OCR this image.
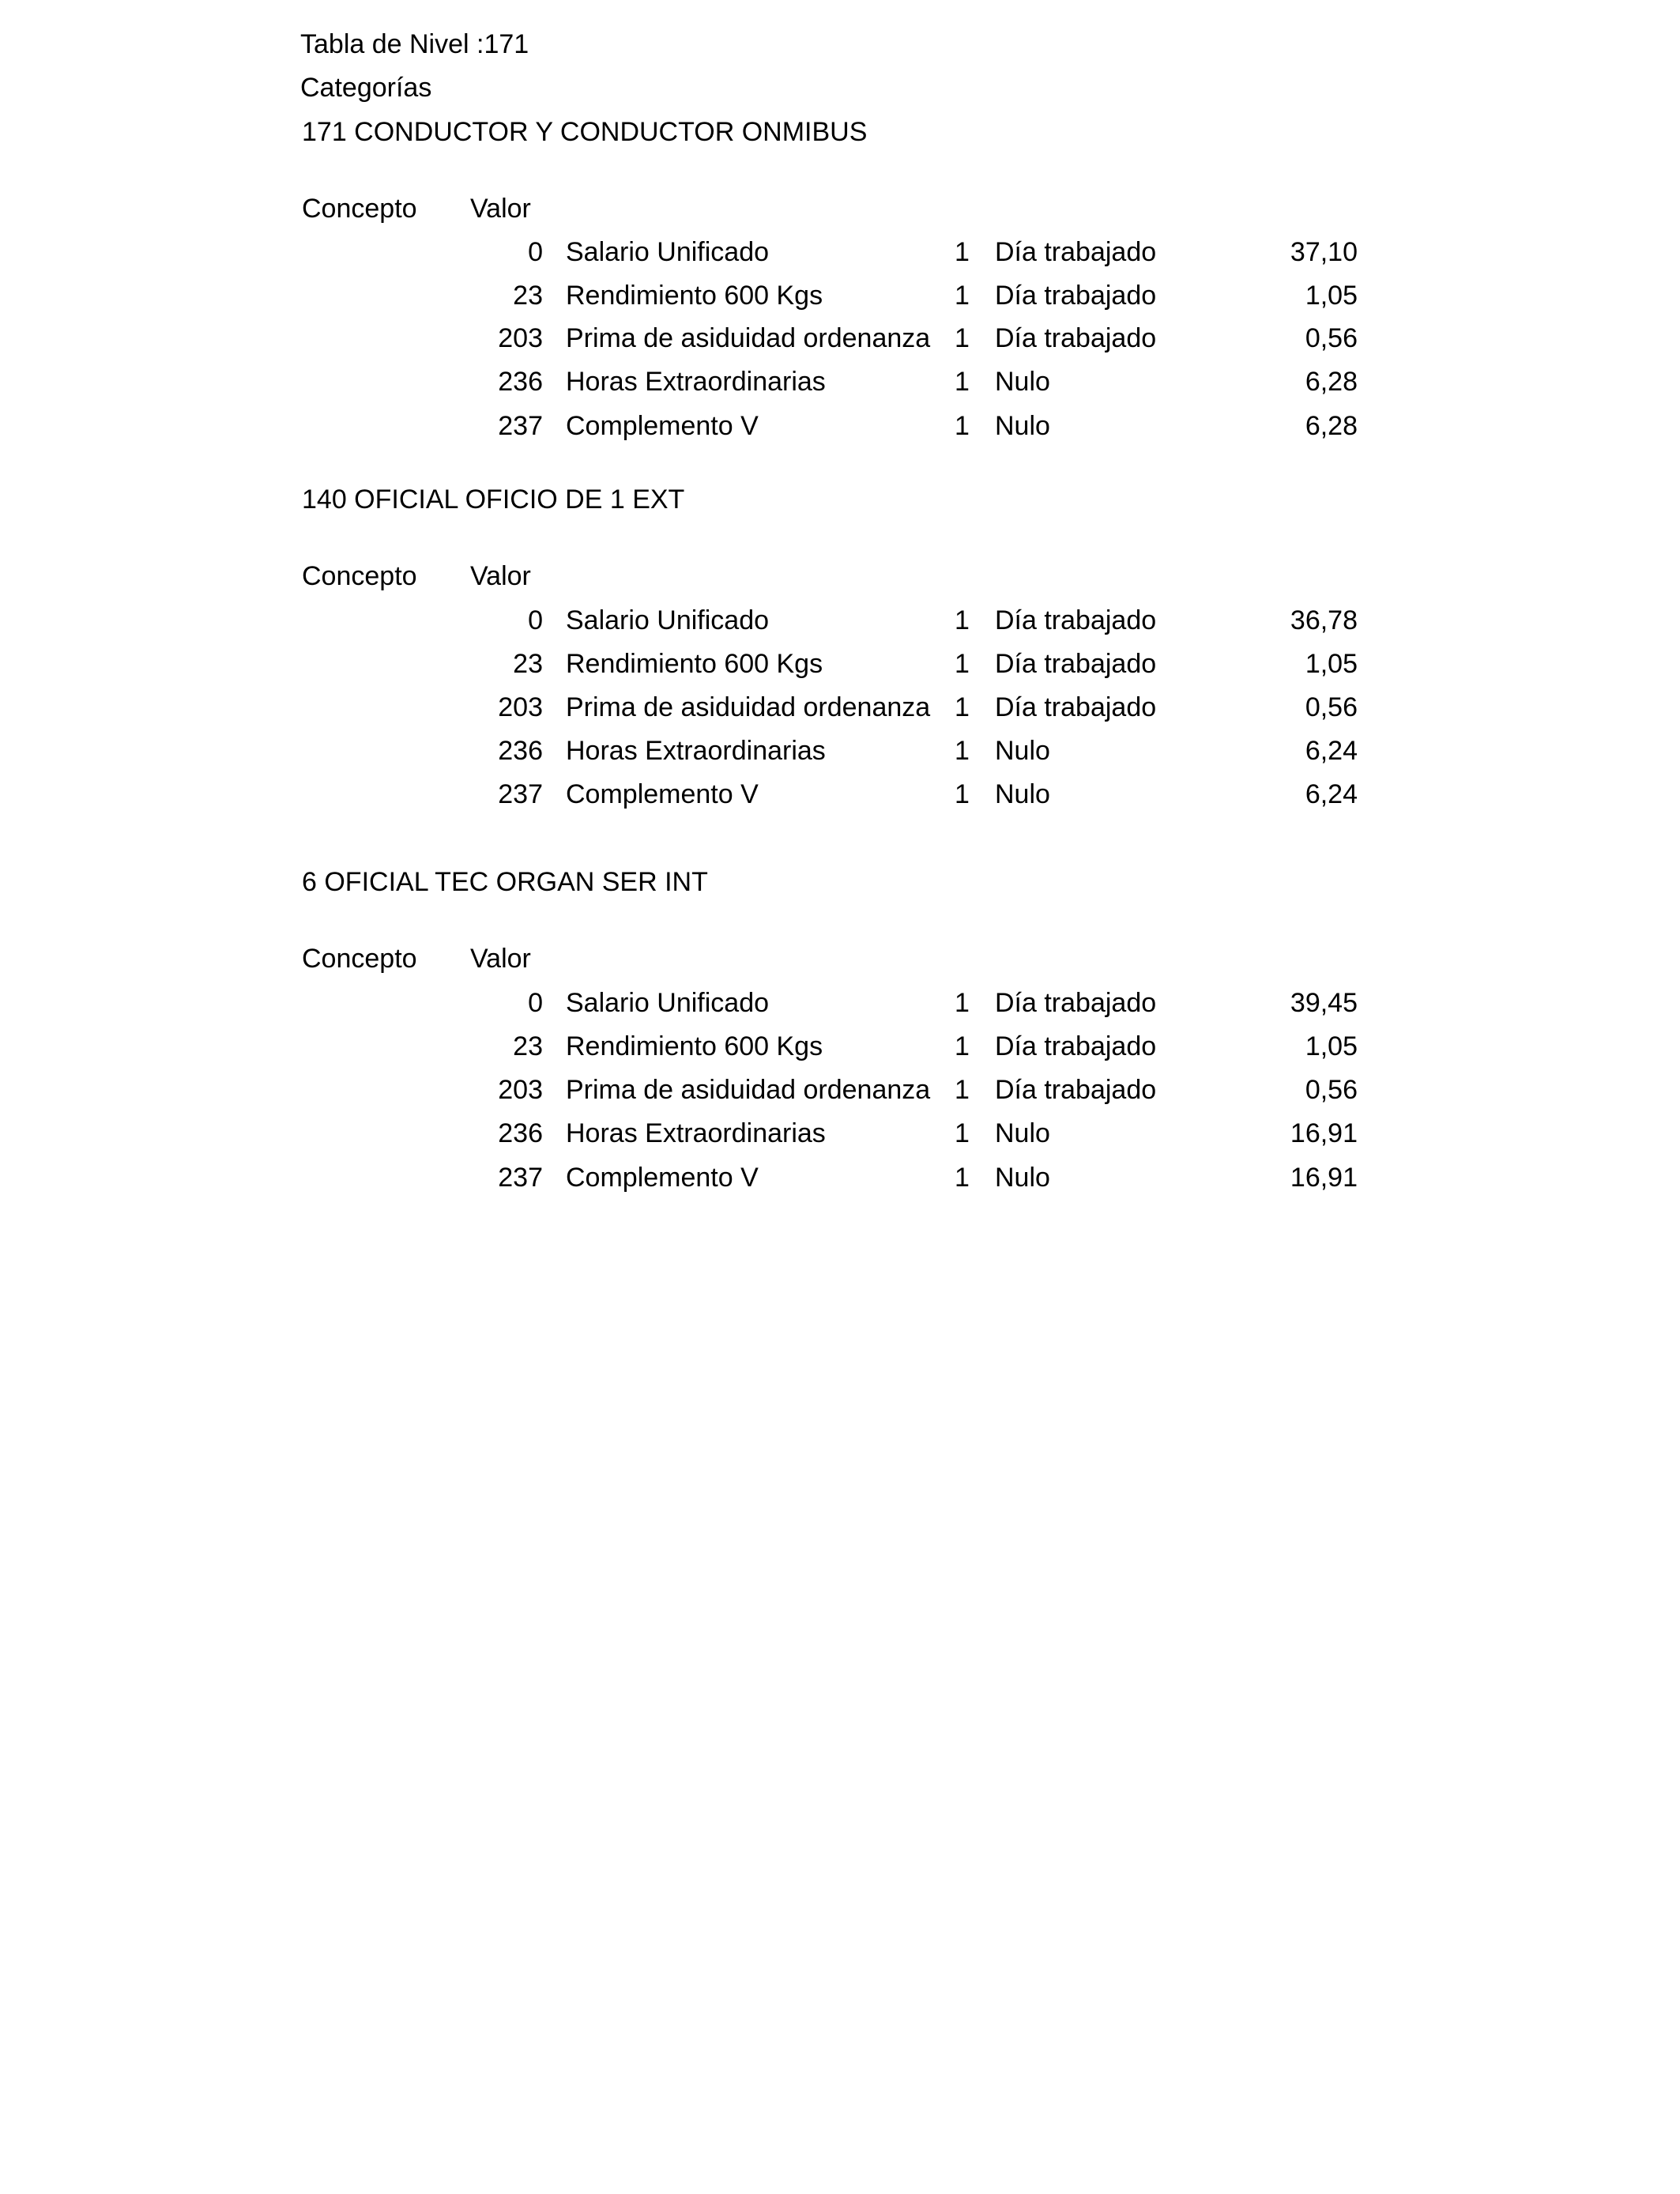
Tabla de Nivel :171
Categorías
171 CONDUCTOR Y CONDUCTOR ONMIBUS
Concepto Valor
0 Salario Unificado	1 Día trabajado	37,10
23 Rendimiento 600 Kgs	1 Día trabajado	1,05
203 Prima de asiduidad ordenanza 1 Día trabajado	0,56
236 Horas Extraordinarias	1 Nulo	6,28
237 Complemento V	1 Nulo	6,28
140 OFICIAL OFICIO DE 1 EXT
Concepto Valor
0 Salario Unificado	1 Día trabajado	36,78
23 Rendimiento 600 Kgs	1 Día trabajado	1,05
203 Prima de asiduidad ordenanza 1 Día trabajado	0,56
236 Horas Extraordinarias	1 Nulo	6,24
237 Complemento V	1 Nulo	6,24
6 OFICIAL TEC ORGAN SER INT
Concepto Valor
0 Salario Unificado	1 Día trabajado	39,45
23 Rendimiento 600 Kgs	1 Día trabajado	1,05
203 Prima de asiduidad ordenanza 1 Día trabajado	0,56
236 Horas Extraordinarias	1 Nulo	16,91
237 Complemento V	1 Nulo	16,91
